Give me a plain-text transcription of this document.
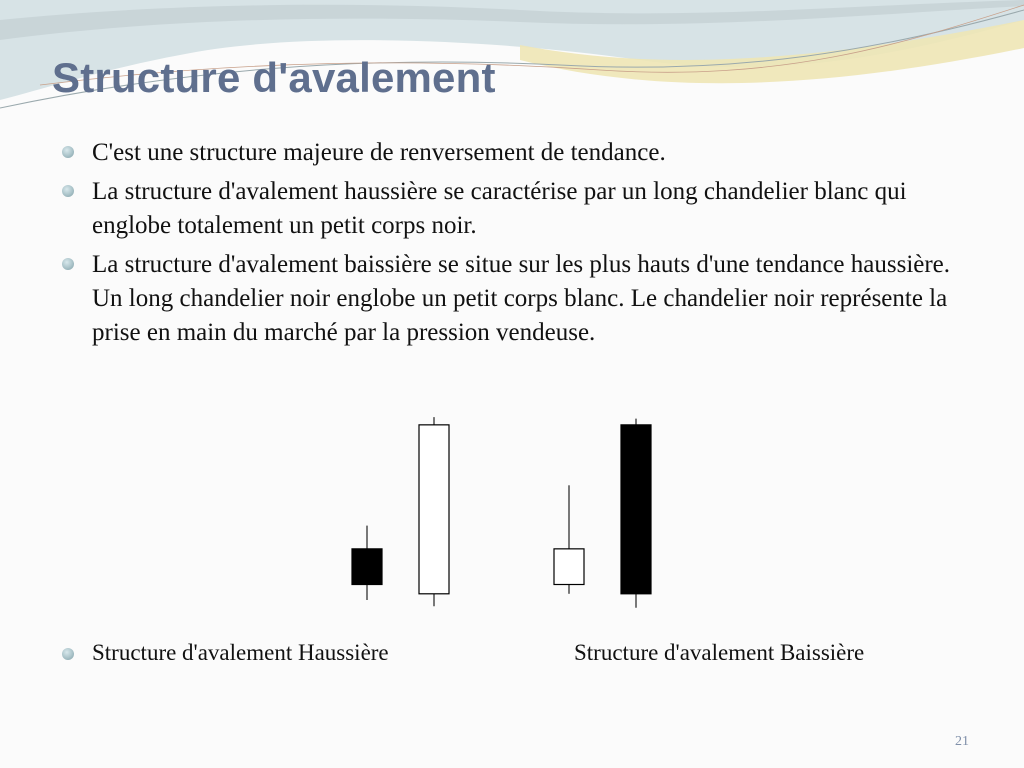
Structure d'avalement
C'est une structure majeure de renversement de tendance.
La structure d'avalement haussière se caractérise par un long chandelier blanc qui englobe totalement un petit corps noir.
La structure d'avalement baissière se situe sur les plus hauts d'une tendance haussière. Un long chandelier noir englobe un petit corps blanc. Le chandelier noir représente la prise en main du marché par la pression vendeuse.
Structure d'avalement Haussière	Structure d'avalement Baissière
21
